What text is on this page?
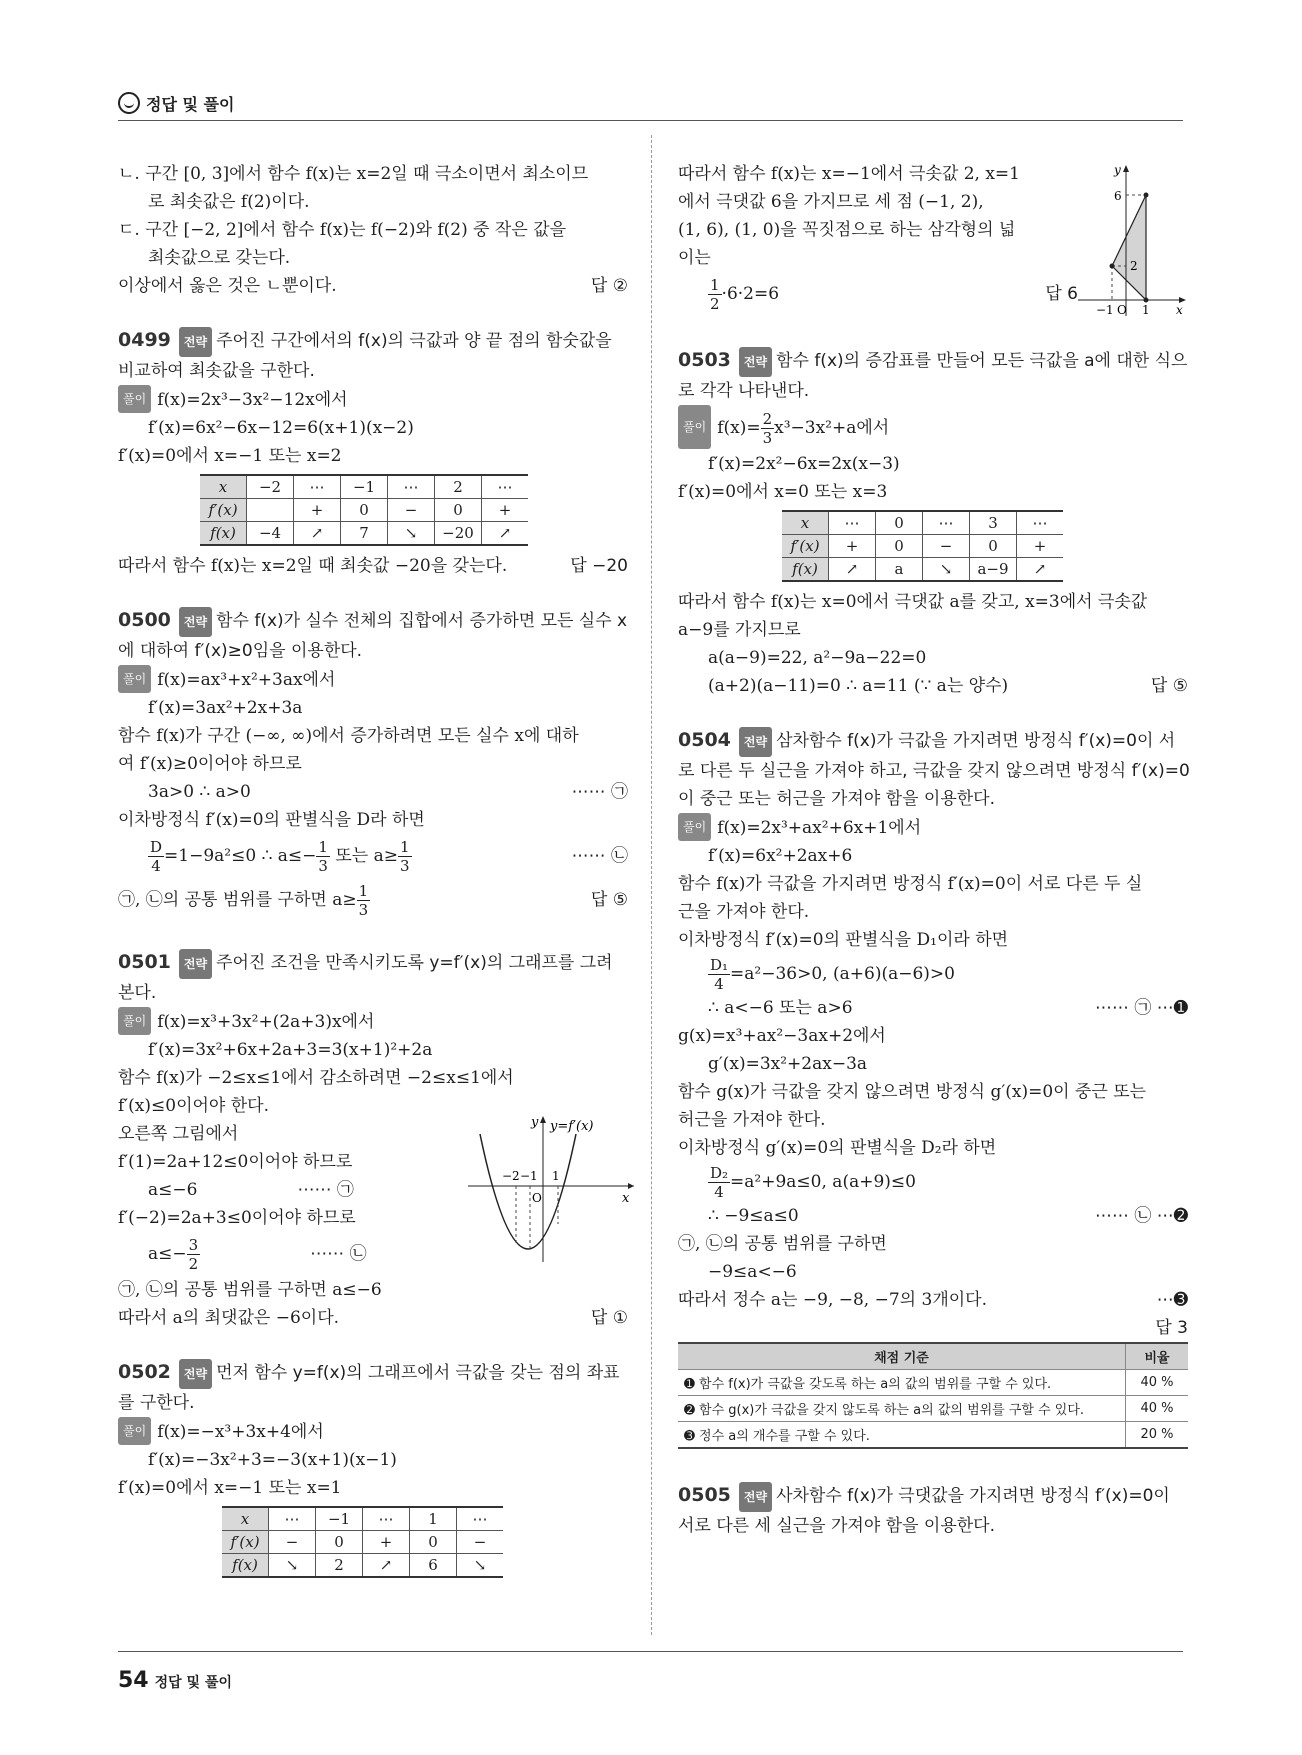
정답 및 풀이
ㄴ. 구간 [0, 3]에서 함수 f(x)는 x=2일 때 극소이면서 최소이므
로 최솟값은 f(2)이다.
ㄷ. 구간 [−2, 2]에서 함수 f(x)는 f(−2)와 f(2) 중 작은 값을
최솟값으로 갖는다.
이상에서 옳은 것은 ㄴ뿐이다.	답 ②
0499 전략 주어진 구간에서의 f(x)의 극값과 양 끝 점의 함숫값을
비교하여 최솟값을 구한다.
풀이 f(x)=2x³−3x²−12x에서
f′(x)=6x²−6x−12=6(x+1)(x−2)
f′(x)=0에서 x=−1 또는 x=2
x	−2	⋯	−1	⋯	2	⋯
f′(x)		+	0	−	0	+
f(x)	−4	↗	7	↘	−20	↗
따라서 함수 f(x)는 x=2일 때 최솟값 −20을 갖는다.	답 −20
0500 전략 함수 f(x)가 실수 전체의 집합에서 증가하면 모든 실수 x
에 대하여 f′(x)≥0임을 이용한다.
풀이 f(x)=ax³+x²+3ax에서
f′(x)=3ax²+2x+3a
함수 f(x)가 구간 (−∞, ∞)에서 증가하려면 모든 실수 x에 대하
여 f′(x)≥0이어야 하므로
3a>0 ∴ a>0	⋯⋯ ㉠
이차방정식 f′(x)=0의 판별식을 D라 하면
$\frac{D}{4} =1-9a^2\le 0$ ∴ $a\le- \frac{1}{3}$ 또는 $a\ge \frac{1}{3}$	⋯⋯ ㉡
㉠, ㉡의 공통 범위를 구하면 $a\ge \frac{1}{3}$	답 ⑤
0501 전략 주어진 조건을 만족시키도록 y=f′(x)의 그래프를 그려
본다.
풀이 f(x)=x³+3x²+(2a+3)x에서
f′(x)=3x²+6x+2a+3=3(x+1)²+2a
함수 f(x)가 −2≤x≤1에서 감소하려면 −2≤x≤1에서
f′(x)≤0이어야 한다.
y y=f′(x)
x
−2 −1 1
O
오른쪽 그림에서
f′(1)=2a+12≤0이어야 하므로
a≤−6	⋯⋯ ㉠
f′(−2)=2a+3≤0이어야 하므로
$a\le- \frac{3}{2}$	⋯⋯ ㉡
㉠, ㉡의 공통 범위를 구하면 a≤−6
따라서 a의 최댓값은 −6이다.	답 ①
0502 전략 먼저 함수 y=f(x)의 그래프에서 극값을 갖는 점의 좌표
를 구한다.
풀이 f(x)=−x³+3x+4에서
f′(x)=−3x²+3=−3(x+1)(x−1)
f′(x)=0에서 x=−1 또는 x=1
x	⋯	−1	⋯	1	⋯
f′(x)	−	0	+	0	−
f(x)	↘	2	↗	6	↘
y
x
6
2
−1 O 1
따라서 함수 f(x)는 x=−1에서 극솟값 2, x=1
에서 극댓값 6을 가지므로 세 점 (−1, 2),
(1, 6), (1, 0)을 꼭짓점으로 하는 삼각형의 넓
이는
$\frac{1}{2} \cdot 6\cdot 2=6$	답 6
0503 전략 함수 f(x)의 증감표를 만들어 모든 극값을 a에 대한 식으
로 각각 나타낸다.
풀이 $f(x)= \frac{2}{3} x^3-3x^2+a$에서
f′(x)=2x²−6x=2x(x−3)
f′(x)=0에서 x=0 또는 x=3
x	⋯	0	⋯	3	⋯
f′(x)	+	0	−	0	+
f(x)	↗	a	↘	a−9	↗
따라서 함수 f(x)는 x=0에서 극댓값 a를 갖고, x=3에서 극솟값
a−9를 가지므로
a(a−9)=22, a²−9a−22=0
(a+2)(a−11)=0 ∴ a=11 (∵ a는 양수)	답 ⑤
0504 전략 삼차함수 f(x)가 극값을 가지려면 방정식 f′(x)=0이 서
로 다른 두 실근을 가져야 하고, 극값을 갖지 않으려면 방정식 f′(x)=0
이 중근 또는 허근을 가져야 함을 이용한다.
풀이 f(x)=2x³+ax²+6x+1에서
f′(x)=6x²+2ax+6
함수 f(x)가 극값을 가지려면 방정식 f′(x)=0이 서로 다른 두 실
근을 가져야 한다.
이차방정식 f′(x)=0의 판별식을 D₁이라 하면
$\frac{\text{D₁}}{4} =a^2-36>0$, (a+6)(a−6)>0
∴ a<−6 또는 a>6	⋯⋯ ㉠ ⋯➊
g(x)=x³+ax²−3ax+2에서
g′(x)=3x²+2ax−3a
함수 g(x)가 극값을 갖지 않으려면 방정식 g′(x)=0이 중근 또는
허근을 가져야 한다.
이차방정식 g′(x)=0의 판별식을 D₂라 하면
$\frac{\text{D₂}}{4} =a^2+9a\le 0$, a(a+9)≤0
∴ −9≤a≤0	⋯⋯ ㉡ ⋯➋
㉠, ㉡의 공통 범위를 구하면
−9≤a<−6
따라서 정수 a는 −9, −8, −7의 3개이다.	⋯➌
답 3
채점 기준	비율
➊ 함수 f(x)가 극값을 갖도록 하는 a의 값의 범위를 구할 수 있다.	40 %
➋ 함수 g(x)가 극값을 갖지 않도록 하는 a의 값의 범위를 구할 수 있다.	40 %
➌ 정수 a의 개수를 구할 수 있다.	20 %
0505 전략 사차함수 f(x)가 극댓값을 가지려면 방정식 f′(x)=0이
서로 다른 세 실근을 가져야 함을 이용한다.
54 정답 및 풀이
